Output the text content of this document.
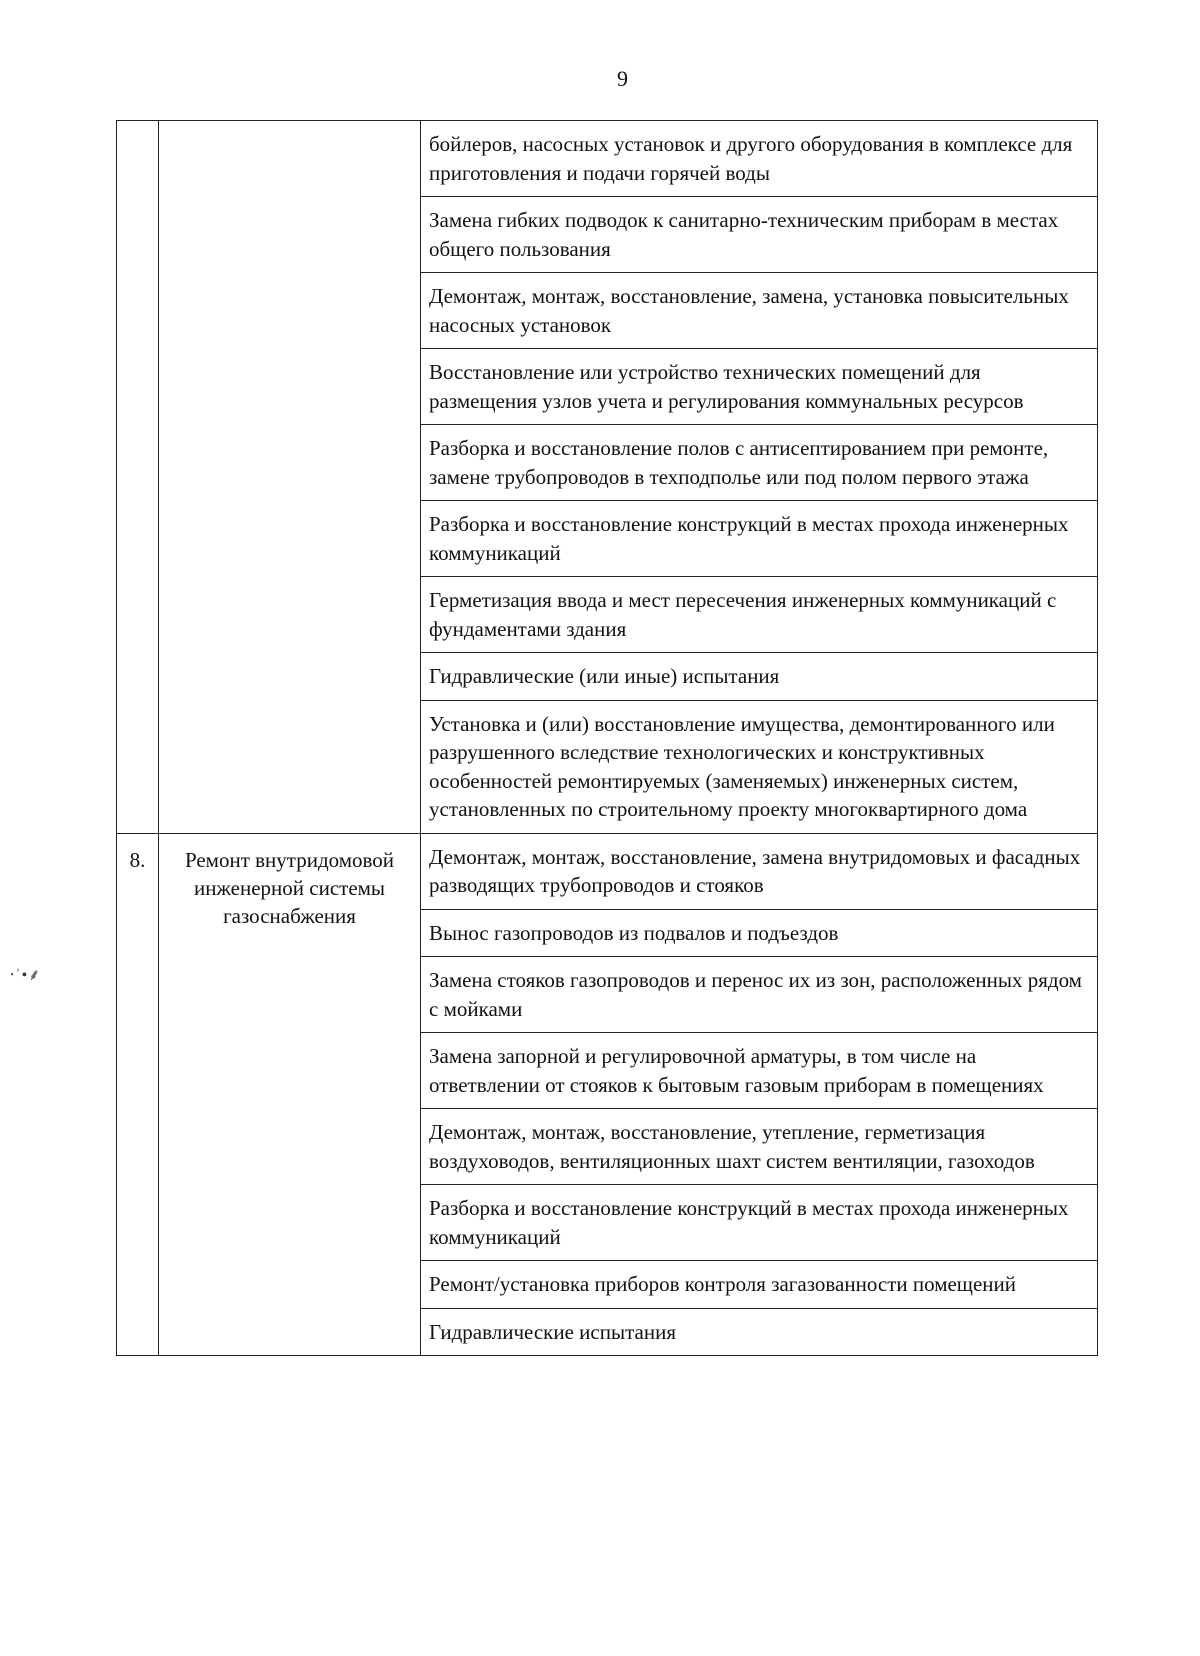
9
⸱ʾ•⸙
бойлеров, насосных установок и другого оборудования в комплексе для приготовления и подачи горячей воды
Замена гибких подводок к санитарно-техническим приборам в местах общего пользования
Демонтаж, монтаж, восстановление, замена, установка повысительных насосных установок
Восстановление или устройство технических помещений для размещения узлов учета и регулирования коммунальных ресурсов
Разборка и восстановление полов с антисептированием при ремонте, замене трубопроводов в техподполье или под полом первого этажа
Разборка и восстановление конструкций в местах прохода инженерных коммуникаций
Герметизация ввода и мест пересечения инженерных коммуникаций с фундаментами здания
Гидравлические (или иные) испытания
Установка и (или) восстановление имущества, демонтированного или разрушенного вследствие технологических и конструктивных особенностей ремонтируемых (заменяемых) инженерных систем, установленных по строительному проекту многоквартирного дома
8.	Ремонт внутридомовой инженерной системы газоснабжения
Демонтаж, монтаж, восстановление, замена внутридомовых и фасадных разводящих трубопроводов и стояков
Вынос газопроводов из подвалов и подъездов
Замена стояков газопроводов и перенос их из зон, расположенных рядом с мойками
Замена запорной и регулировочной арматуры, в том числе на ответвлении от стояков к бытовым газовым приборам в помещениях
Демонтаж, монтаж, восстановление, утепление, герметизация воздуховодов, вентиляционных шахт систем вентиляции, газоходов
Разборка и восстановление конструкций в местах прохода инженерных коммуникаций
Ремонт/установка приборов контроля загазованности помещений
Гидравлические испытания
